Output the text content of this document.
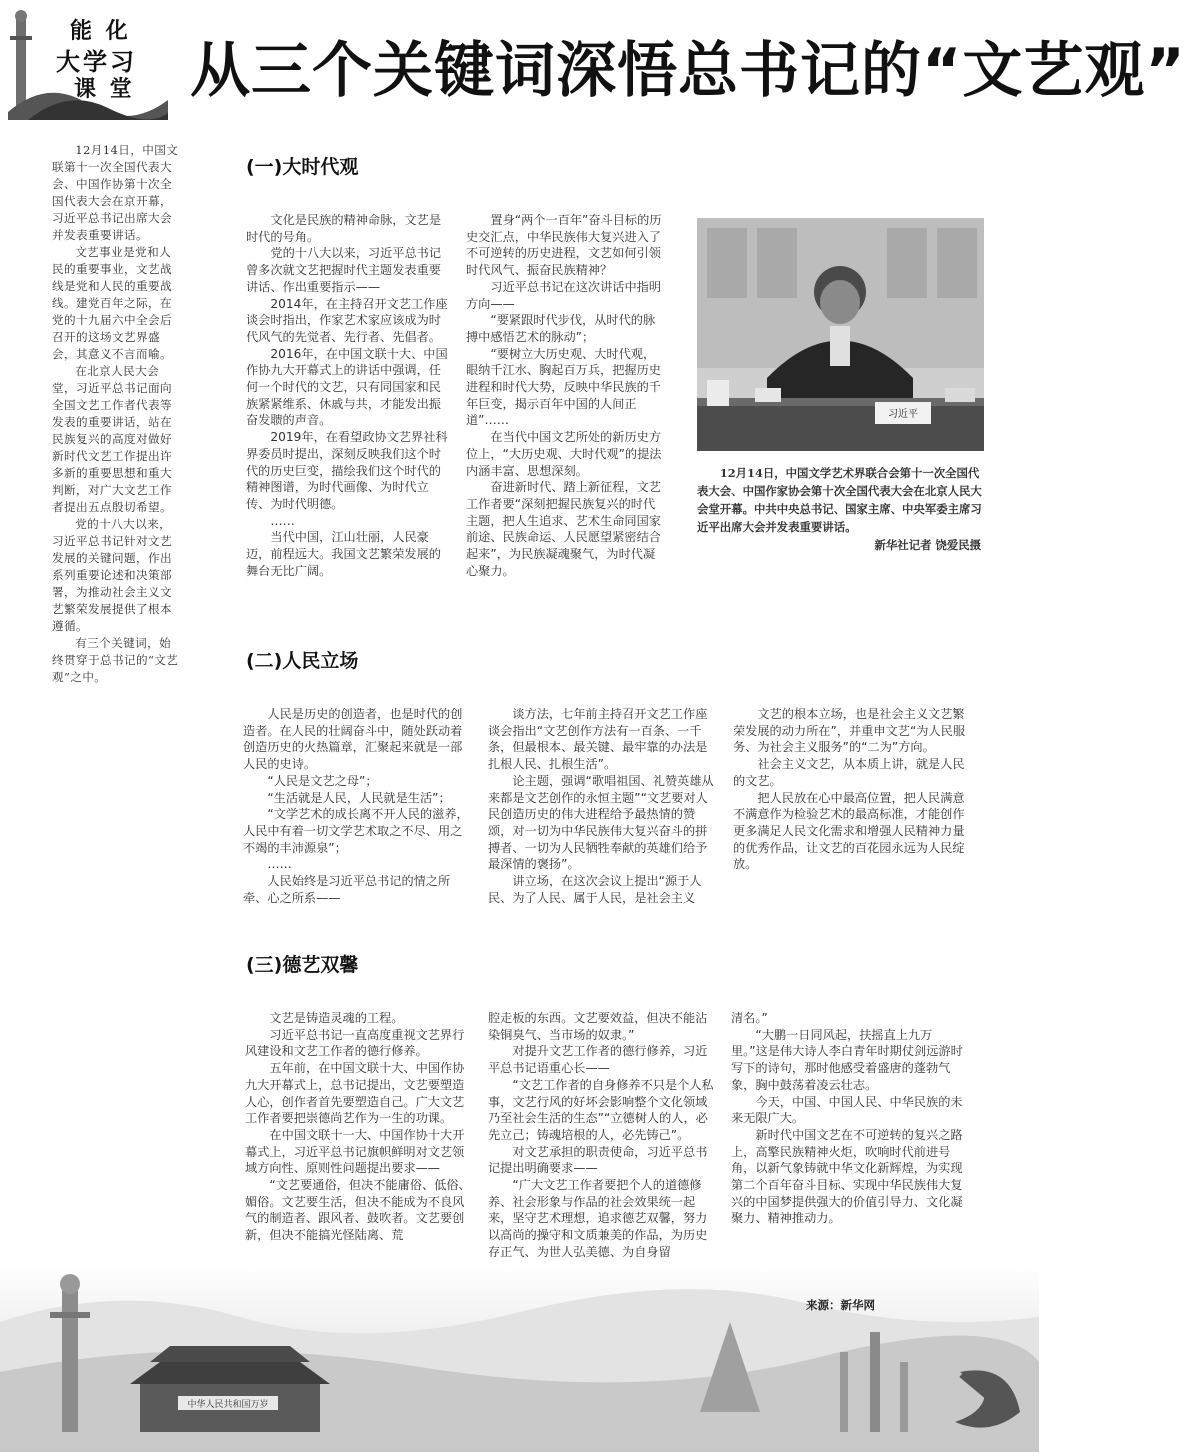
能 化
大学习
课 堂 从三个关键词深悟总书记的“文艺观”

12月14日，中国文联第十一次全国代表大会、中国作协第十次全国代表大会在京开幕，习近平总书记出席大会并发表重要讲话。

文艺事业是党和人民的重要事业，文艺战线是党和人民的重要战线。建党百年之际，在党的十九届六中全会后召开的这场文艺界盛会，其意义不言而喻。

在北京人民大会堂，习近平总书记面向全国文艺工作者代表等发表的重要讲话，站在民族复兴的高度对做好新时代文艺工作提出许多新的重要思想和重大判断，对广大文艺工作者提出五点殷切希望。

党的十八大以来，习近平总书记针对文艺发展的关键问题，作出系列重要论述和决策部署，为推动社会主义文艺繁荣发展提供了根本遵循。

有三个关键词，始终贯穿于总书记的“文艺观”之中。

(一)大时代观

文化是民族的精神命脉，文艺是时代的号角。

党的十八大以来，习近平总书记曾多次就文艺把握时代主题发表重要讲话、作出重要指示——

2014年，在主持召开文艺工作座谈会时指出，作家艺术家应该成为时代风气的先觉者、先行者、先倡者。

2016年，在中国文联十大、中国作协九大开幕式上的讲话中强调，任何一个时代的文艺，只有同国家和民族紧紧维系、休戚与共，才能发出振奋发聩的声音。

2019年，在看望政协文艺界社科界委员时提出，深刻反映我们这个时代的历史巨变，描绘我们这个时代的精神图谱，为时代画像、为时代立传、为时代明德。

……

当代中国，江山壮丽，人民豪迈，前程远大。我国文艺繁荣发展的舞台无比广阔。

置身“两个一百年”奋斗目标的历史交汇点，中华民族伟大复兴进入了不可逆转的历史进程，文艺如何引领时代风气、振奋民族精神？

习近平总书记在这次讲话中指明方向——

“要紧跟时代步伐，从时代的脉搏中感悟艺术的脉动”；

“要树立大历史观、大时代观，眼纳千江水、胸起百万兵，把握历史进程和时代大势，反映中华民族的千年巨变，揭示百年中国的人间正道”……

在当代中国文艺所处的新历史方位上，“大历史观、大时代观”的提法内涵丰富、思想深刻。

奋进新时代、踏上新征程，文艺工作者要“深刻把握民族复兴的时代主题，把人生追求、艺术生命同国家前途、民族命运、人民愿望紧密结合起来”，为民族凝魂聚气，为时代凝心聚力。

习近平

12月14日，中国文学艺术界联合会第十一次全国代表大会、中国作家协会第十次全国代表大会在北京人民大会堂开幕。中共中央总书记、国家主席、中央军委主席习近平出席大会并发表重要讲话。

新华社记者 饶爱民摄
(二)人民立场

人民是历史的创造者，也是时代的创造者。在人民的壮阔奋斗中，随处跃动着创造历史的火热篇章，汇聚起来就是一部人民的史诗。

“人民是文艺之母”；

“生活就是人民，人民就是生活”；

“文学艺术的成长离不开人民的滋养，人民中有着一切文学艺术取之不尽、用之不竭的丰沛源泉”；

……

人民始终是习近平总书记的情之所牵、心之所系——

谈方法，七年前主持召开文艺工作座谈会指出“文艺创作方法有一百条、一千条，但最根本、最关键、最牢靠的办法是扎根人民、扎根生活”。

论主题，强调“歌唱祖国、礼赞英雄从来都是文艺创作的永恒主题”“文艺要对人民创造历史的伟大进程给予最热情的赞颂，对一切为中华民族伟大复兴奋斗的拼搏者、一切为人民牺牲奉献的英雄们给予最深情的褒扬”。

讲立场，在这次会议上提出“源于人民、为了人民、属于人民，是社会主义

文艺的根本立场，也是社会主义文艺繁荣发展的动力所在”，并重申文艺“为人民服务、为社会主义服务”的“二为”方向。

社会主义文艺，从本质上讲，就是人民的文艺。

把人民放在心中最高位置，把人民满意不满意作为检验艺术的最高标准，才能创作更多满足人民文化需求和增强人民精神力量的优秀作品，让文艺的百花园永远为人民绽放。

(三)德艺双馨

文艺是铸造灵魂的工程。

习近平总书记一直高度重视文艺界行风建设和文艺工作者的德行修养。

五年前，在中国文联十大、中国作协九大开幕式上，总书记提出，文艺要塑造人心，创作者首先要塑造自己。广大文艺工作者要把崇德尚艺作为一生的功课。

在中国文联十一大、中国作协十大开幕式上，习近平总书记旗帜鲜明对文艺领域方向性、原则性问题提出要求——

“文艺要通俗，但决不能庸俗、低俗、媚俗。文艺要生活，但决不能成为不良风气的制造者、跟风者、鼓吹者。文艺要创新，但决不能搞光怪陆离、荒

腔走板的东西。文艺要效益，但决不能沾染铜臭气、当市场的奴隶。”

对提升文艺工作者的德行修养，习近平总书记语重心长——

“文艺工作者的自身修养不只是个人私事，文艺行风的好坏会影响整个文化领域乃至社会生活的生态”“立德树人的人，必先立己；铸魂培根的人，必先铸己”。

对文艺承担的职责使命，习近平总书记提出明确要求——

“广大文艺工作者要把个人的道德修养、社会形象与作品的社会效果统一起来，坚守艺术理想，追求德艺双馨，努力以高尚的操守和文质兼美的作品，为历史存正气、为世人弘美德、为自身留

清名。”

“大鹏一日同风起，扶摇直上九万里。”这是伟大诗人李白青年时期仗剑远游时写下的诗句，那时他感受着盛唐的蓬勃气象，胸中鼓荡着凌云壮志。

今天，中国、中国人民、中华民族的未来无限广大。

新时代中国文艺在不可逆转的复兴之路上，高擎民族精神火炬，吹响时代前进号角，以新气象铸就中华文化新辉煌，为实现第二个百年奋斗目标、实现中华民族伟大复兴的中国梦提供强大的价值引导力、文化凝聚力、精神推动力。

中华人民共和国万岁
来源：新华网
